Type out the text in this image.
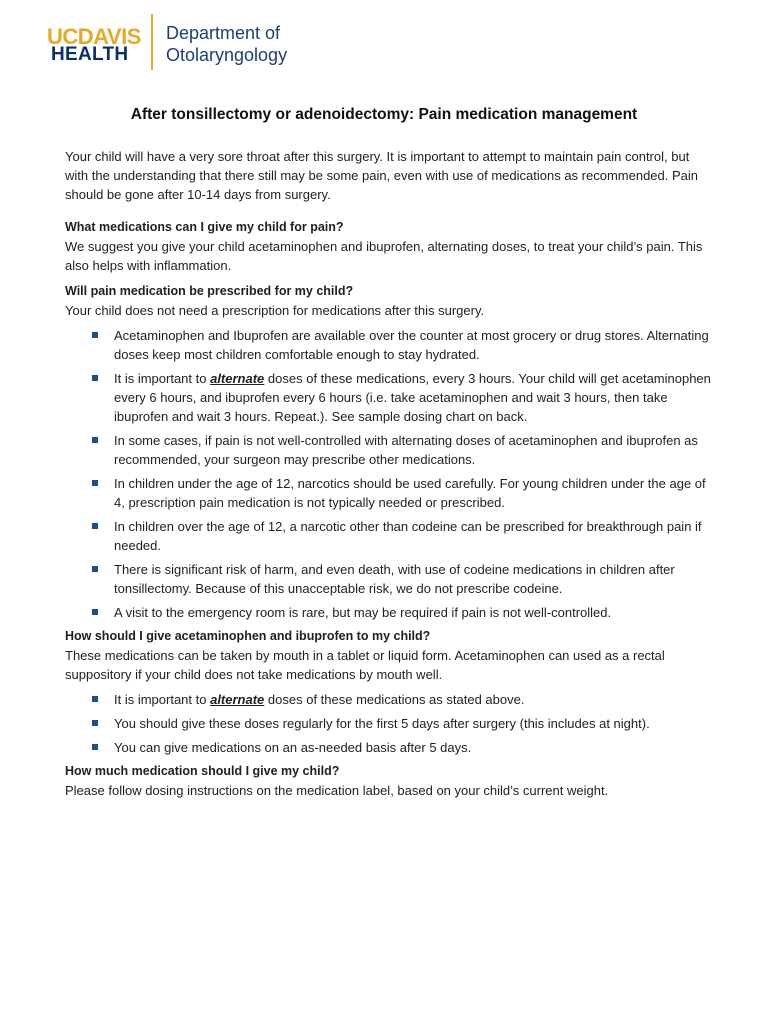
UCDAVIS
HEALTH
Department of
Otolaryngology
After tonsillectomy or adenoidectomy: Pain medication management

Your child will have a very sore throat after this surgery. It is important to attempt to maintain pain control, but with the understanding that there still may be some pain, even with use of medications as recommended. Pain should be gone after 10-14 days from surgery.

What medications can I give my child for pain?

We suggest you give your child acetaminophen and ibuprofen, alternating doses, to treat your child’s pain. This also helps with inflammation.

Will pain medication be prescribed for my child?

Your child does not need a prescription for medications after this surgery.

Acetaminophen and Ibuprofen are available over the counter at most grocery or drug stores. Alternating doses keep most children comfortable enough to stay hydrated.
It is important to alternate doses of these medications, every 3 hours. Your child will get acetaminophen every 6 hours, and ibuprofen every 6 hours (i.e. take acetaminophen and wait 3 hours, then take ibuprofen and wait 3 hours. Repeat.). See sample dosing chart on back.
In some cases, if pain is not well-controlled with alternating doses of acetaminophen and ibuprofen as recommended, your surgeon may prescribe other medications.
In children under the age of 12, narcotics should be used carefully. For young children under the age of 4, prescription pain medication is not typically needed or prescribed.
In children over the age of 12, a narcotic other than codeine can be prescribed for breakthrough pain if needed.
There is significant risk of harm, and even death, with use of codeine medications in children after tonsillectomy. Because of this unacceptable risk, we do not prescribe codeine.
A visit to the emergency room is rare, but may be required if pain is not well-controlled.

How should I give acetaminophen and ibuprofen to my child?

These medications can be taken by mouth in a tablet or liquid form. Acetaminophen can used as a rectal suppository if your child does not take medications by mouth well.

It is important to alternate doses of these medications as stated above.
You should give these doses regularly for the first 5 days after surgery (this includes at night).
You can give medications on an as-needed basis after 5 days.

How much medication should I give my child?

Please follow dosing instructions on the medication label, based on your child’s current weight.
